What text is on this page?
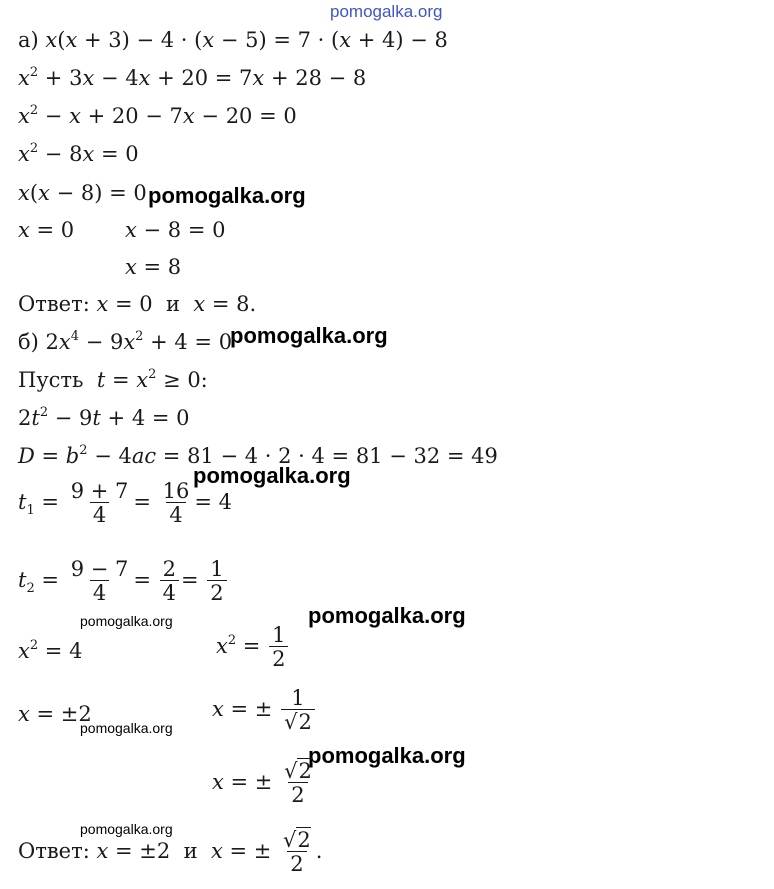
pomogalka.org
а) x(x + 3) − 4 · (x − 5) = 7 · (x + 4) − 8
$x^2 + 3x - 4x + 20 = 7x + 28 - 8$
$x^2 - x + 20 - 7x - 20 = 0$
$x^2 - 8x = 0$
x(x − 8) = 0 pomogalka.org
x = 0 x − 8 = 0
x = 8
Ответ: x = 0  и x = 8.
б) $2x^4 - 9x^2 + 4 = 0$
pomogalka.org
Пусть $t = x^2 \ge 0$:
$2t^2 - 9t + 4 = 0$
$D = b^2 - 4ac = 81 - 4 \cdot 2 \cdot 4 = 81 - 32 = 49$
pomogalka.org
$t_1 = \frac{9 + 7}{4} = \frac{16}{4} = 4$
$t_2 = \frac{9 - 7}{4} = \frac{2}{4} = \frac{1}{2}$
pomogalka.org
pomogalka.org
$x^2 = 4$	$x^2 = \frac{1}{2}$
x = ±2
pomogalka.org
x = ± $\frac{1}{√2}$
pomogalka.org
x = ± $\frac{√2}{2}$
pomogalka.org
Ответ: x = ±2  и x = ± $\frac{√2}{2}$ .
